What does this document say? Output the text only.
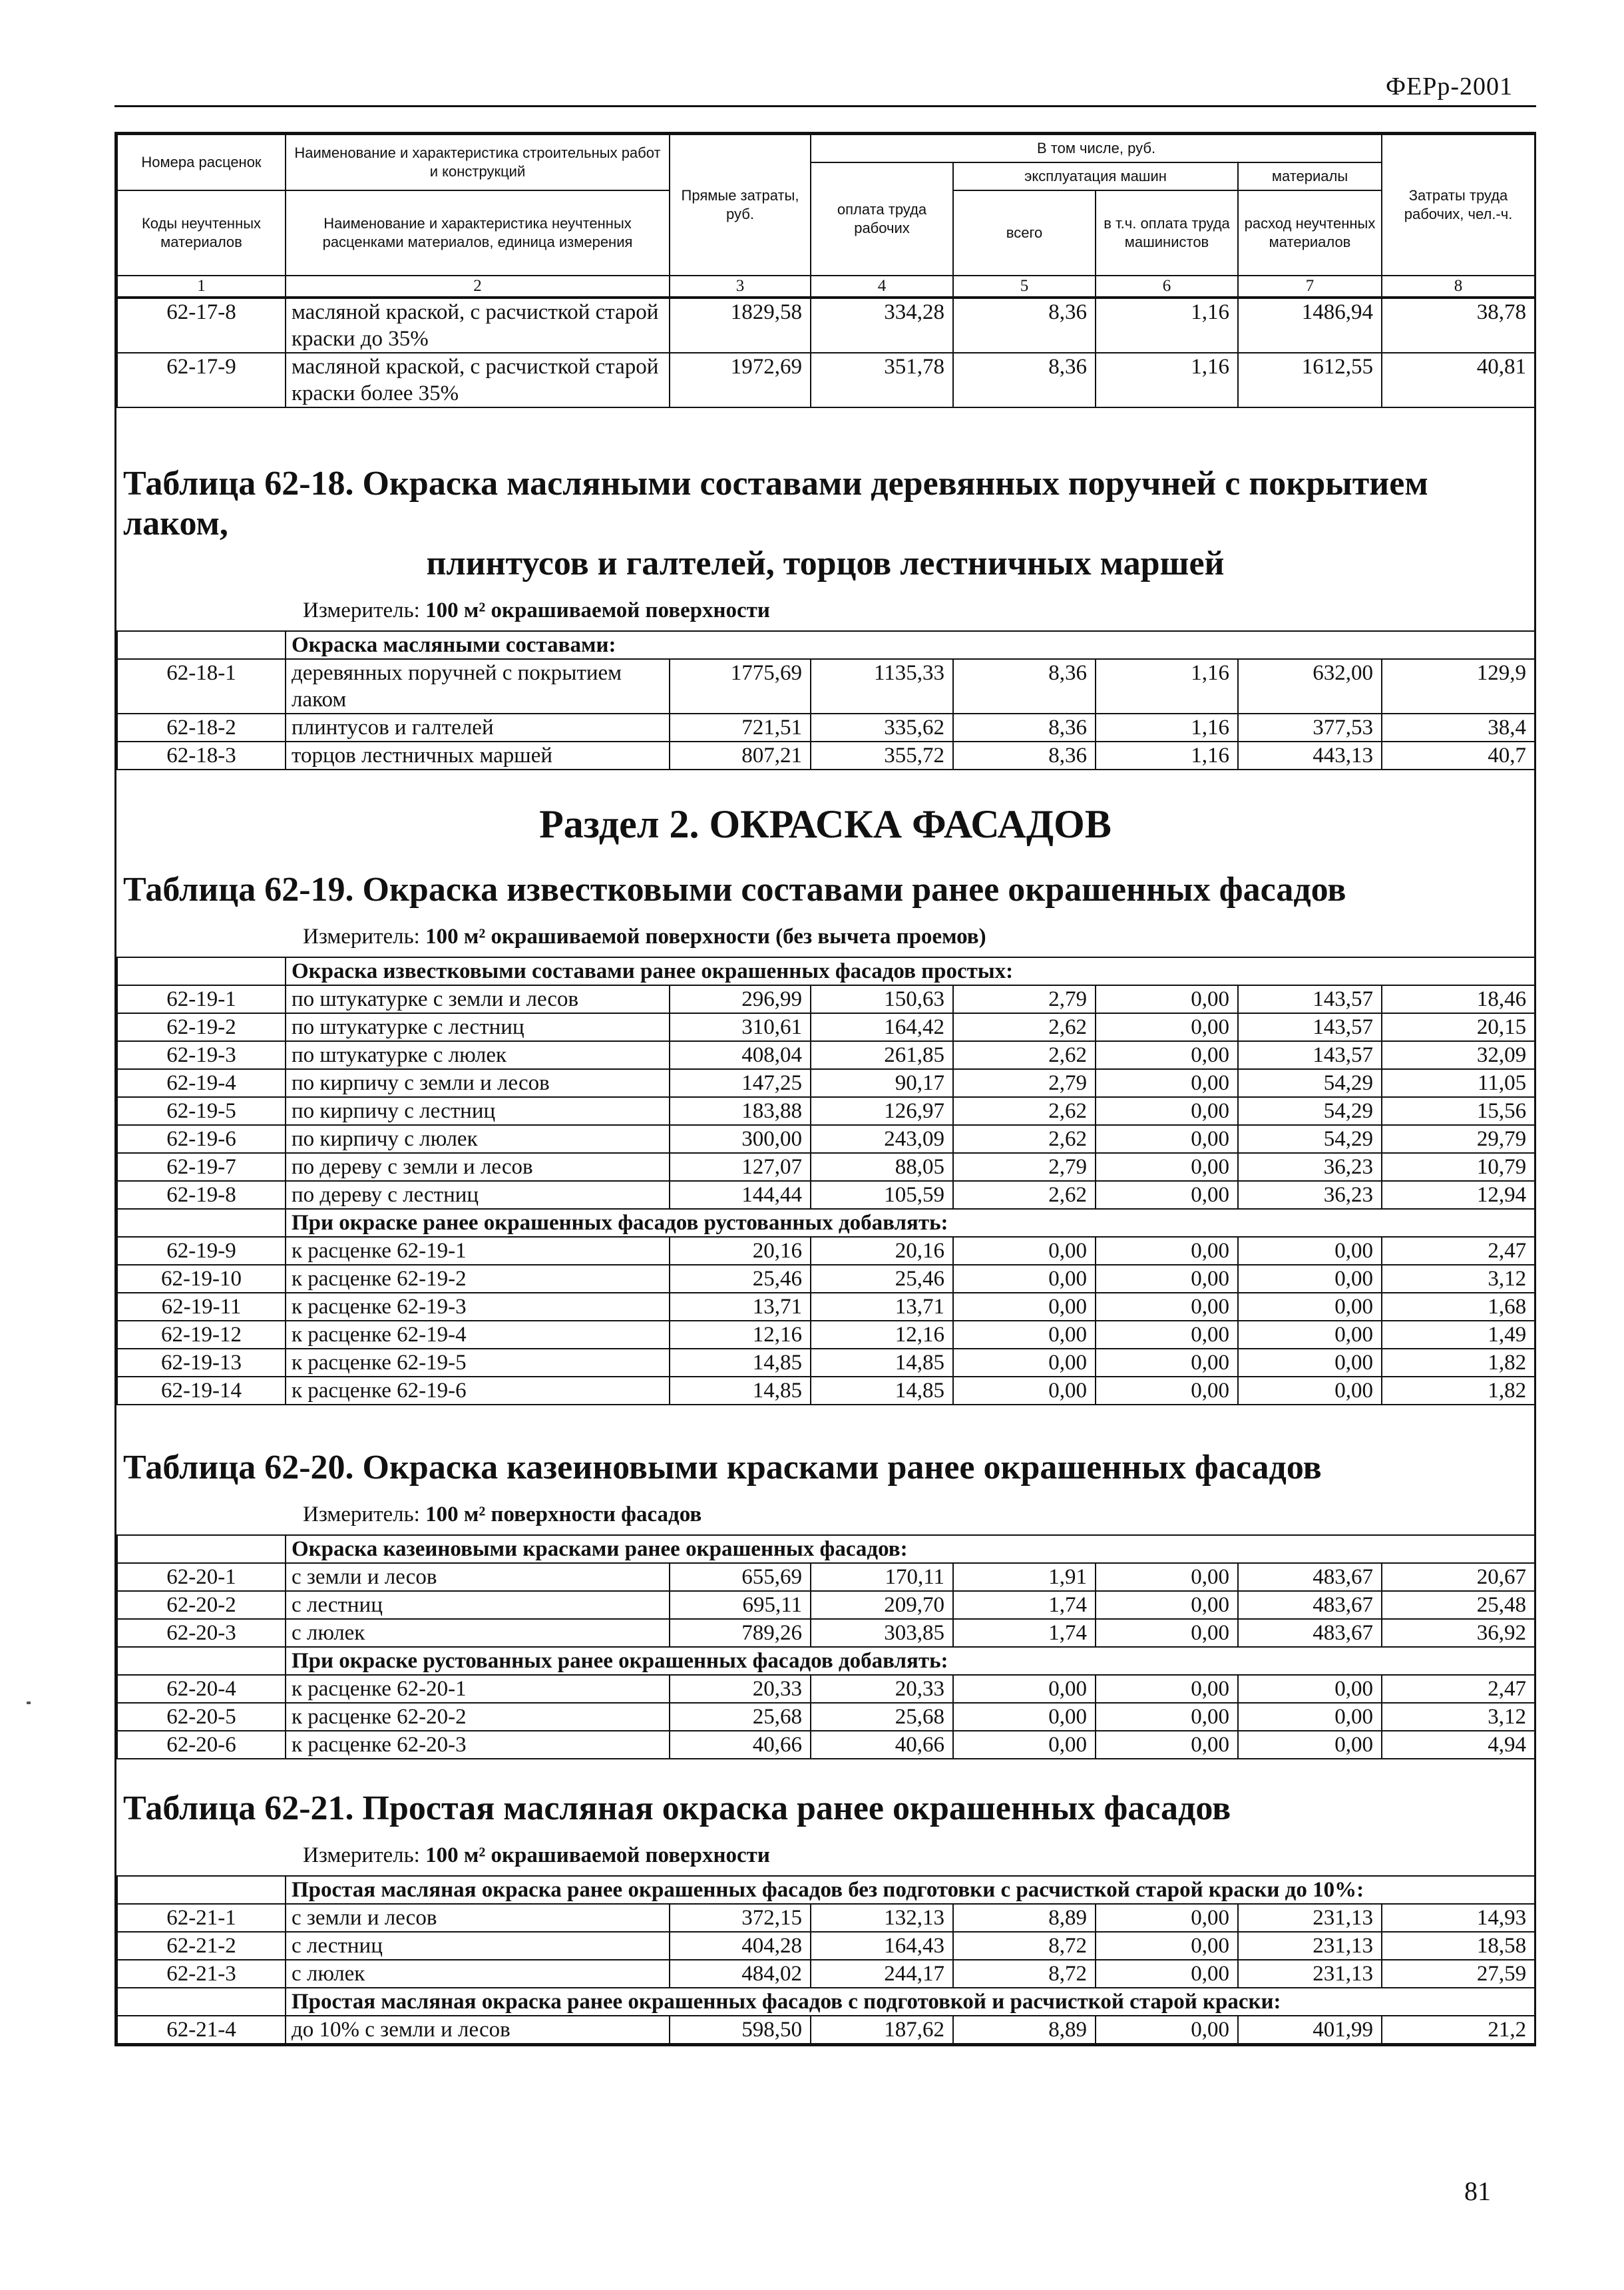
ФЕРр-2001
Номера расценок	Наименование и характеристика строительных работ и конструкций	Прямые затраты, руб.	В том числе, руб.				Затраты труда рабочих, чел.-ч.
			оплата труда рабочих	эксплуатация машин		материалы	
Коды неучтенных материалов	Наименование и характеристика неучтенных расценками материалов, единица измерения			всего	в т.ч. оплата труда машинистов	расход неучтенных материалов	

1	2	3	4	5	6	7	8
62-17-8	масляной краской, с расчисткой старой краски до 35%	1829,58	334,28	8,36	1,16	1486,94	38,78
62-17-9	масляной краской, с расчисткой старой краски более 35%	1972,69	351,78	8,36	1,16	1612,55	40,81

Таблица 62-18. Окраска масляными составами деревянных поручней с покрытием лаком,
плинтусов и галтелей, торцов лестничных маршей

Измеритель: 100 м² окрашиваемой поверхности
	Окраска масляными составами:						
62-18-1	деревянных поручней с покрытием лаком	1775,69	1135,33	8,36	1,16	632,00	129,9
62-18-2	плинтусов и галтелей	721,51	335,62	8,36	1,16	377,53	38,4
62-18-3	торцов лестничных маршей	807,21	355,72	8,36	1,16	443,13	40,7
Раздел 2. ОКРАСКА ФАСАДОВ

Таблица 62-19. Окраска известковыми составами ранее окрашенных фасадов

Измеритель: 100 м² окрашиваемой поверхности (без вычета проемов)
	Окраска известковыми составами ранее окрашенных фасадов простых:						
62-19-1	по штукатурке с земли и лесов	296,99	150,63	2,79	0,00	143,57	18,46
62-19-2	по штукатурке с лестниц	310,61	164,42	2,62	0,00	143,57	20,15
62-19-3	по штукатурке с люлек	408,04	261,85	2,62	0,00	143,57	32,09
62-19-4	по кирпичу с земли и лесов	147,25	90,17	2,79	0,00	54,29	11,05
62-19-5	по кирпичу с лестниц	183,88	126,97	2,62	0,00	54,29	15,56
62-19-6	по кирпичу с люлек	300,00	243,09	2,62	0,00	54,29	29,79
62-19-7	по дереву с земли и лесов	127,07	88,05	2,79	0,00	36,23	10,79
62-19-8	по дереву с лестниц	144,44	105,59	2,62	0,00	36,23	12,94
	При окраске ранее окрашенных фасадов рустованных добавлять:						
62-19-9	к расценке 62-19-1	20,16	20,16	0,00	0,00	0,00	2,47
62-19-10	к расценке 62-19-2	25,46	25,46	0,00	0,00	0,00	3,12
62-19-11	к расценке 62-19-3	13,71	13,71	0,00	0,00	0,00	1,68
62-19-12	к расценке 62-19-4	12,16	12,16	0,00	0,00	0,00	1,49
62-19-13	к расценке 62-19-5	14,85	14,85	0,00	0,00	0,00	1,82
62-19-14	к расценке 62-19-6	14,85	14,85	0,00	0,00	0,00	1,82

Таблица 62-20. Окраска казеиновыми красками ранее окрашенных фасадов

Измеритель: 100 м² поверхности фасадов
	Окраска казеиновыми красками ранее окрашенных фасадов:						
62-20-1	с земли и лесов	655,69	170,11	1,91	0,00	483,67	20,67
62-20-2	с лестниц	695,11	209,70	1,74	0,00	483,67	25,48
62-20-3	с люлек	789,26	303,85	1,74	0,00	483,67	36,92
	При окраске рустованных ранее окрашенных фасадов добавлять:						
62-20-4	к расценке 62-20-1	20,33	20,33	0,00	0,00	0,00	2,47
62-20-5	к расценке 62-20-2	25,68	25,68	0,00	0,00	0,00	3,12
62-20-6	к расценке 62-20-3	40,66	40,66	0,00	0,00	0,00	4,94

Таблица 62-21. Простая масляная окраска ранее окрашенных фасадов

Измеритель: 100 м² окрашиваемой поверхности
	Простая масляная окраска ранее окрашенных фасадов без подготовки с расчисткой старой краски до 10%:						
62-21-1	с земли и лесов	372,15	132,13	8,89	0,00	231,13	14,93
62-21-2	с лестниц	404,28	164,43	8,72	0,00	231,13	18,58
62-21-3	с люлек	484,02	244,17	8,72	0,00	231,13	27,59
	Простая масляная окраска ранее окрашенных фасадов с подготовкой и расчисткой старой краски:						
62-21-4	до 10% с земли и лесов	598,50	187,62	8,89	0,00	401,99	21,2
81
